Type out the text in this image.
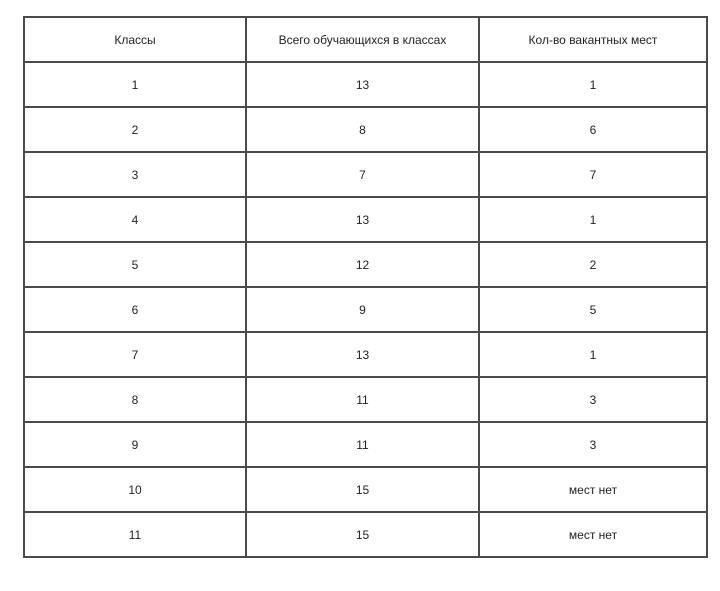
Классы	Всего обучающихся в классах	Кол-во вакантных мест
1	13	1
2	8	6
3	7	7
4	13	1
5	12	2
6	9	5
7	13	1
8	11	3
9	11	3
10	15	мест нет
11	15	мест нет
